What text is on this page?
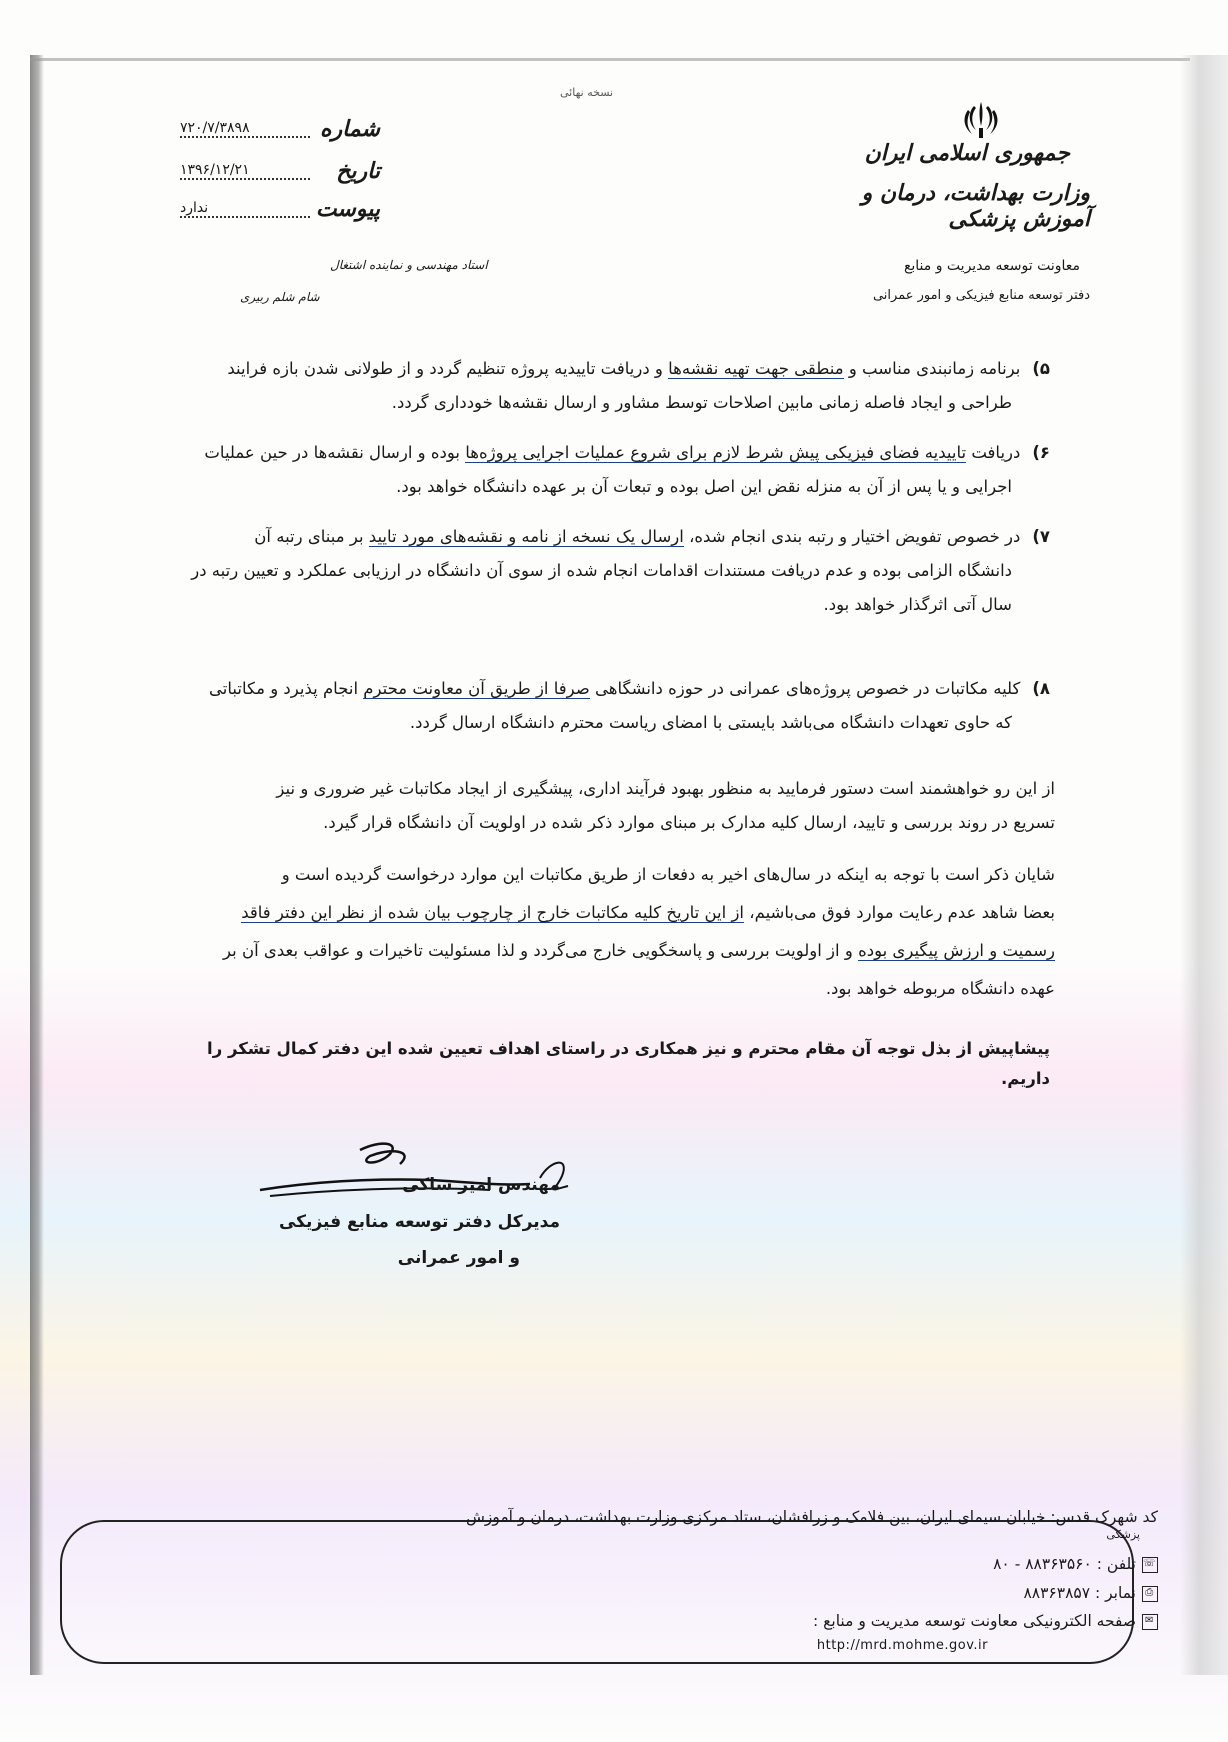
نسخه نهائی
جمهوری اسلامی ایران
وزارت بهداشت، درمان و آموزش پزشکی
معاونت توسعه مدیریت و منابع
دفتر توسعه منابع فیزیکی و امور عمرانی
شماره
۷۲۰/۷/۳۸۹۸
تاریخ
۱۳۹۶/۱۲/۲۱
پیوست
ندارد
استاد مهندسی و نماینده اشتغال
شام شلم ربیری
۵)برنامه زمانبندی مناسب و منطقی جهت تهیه نقشه‌ها و دریافت تاییدیه پروژه تنظیم گردد و از طولانی شدن بازه فرایند
طراحی و ایجاد فاصله زمانی مابین اصلاحات توسط مشاور و ارسال نقشه‌ها خودداری گردد.
۶)دریافت تاییدیه فضای فیزیکی پیش شرط لازم برای شروع عملیات اجرایی پروژه‌ها بوده و ارسال نقشه‌ها در حین عملیات
اجرایی و یا پس از آن به منزله نقض این اصل بوده و تبعات آن بر عهده دانشگاه خواهد بود.
۷)در خصوص تفویض اختیار و رتبه بندی انجام شده، ارسال یک نسخه از نامه و نقشه‌های مورد تایید بر مبنای رتبه آن
دانشگاه الزامی بوده و عدم دریافت مستندات اقدامات انجام شده از سوی آن دانشگاه در ارزیابی عملکرد و تعیین رتبه در
سال آتی اثرگذار خواهد بود.
۸)کلیه مکاتبات در خصوص پروژه‌های عمرانی در حوزه دانشگاهی صرفا از طریق آن معاونت محترم انجام پذیرد و مکاتباتی
که حاوی تعهدات دانشگاه می‌باشد بایستی با امضای ریاست محترم دانشگاه ارسال گردد.
از این رو خواهشمند است دستور فرمایید به منظور بهبود فرآیند اداری، پیشگیری از ایجاد مکاتبات غیر ضروری و نیز
تسریع در روند بررسی و تایید، ارسال کلیه مدارک بر مبنای موارد ذکر شده در اولویت آن دانشگاه قرار گیرد.
شایان ذکر است با توجه به اینکه در سال‌های اخیر به دفعات از طریق مکاتبات این موارد درخواست گردیده است و
بعضا شاهد عدم رعایت موارد فوق می‌باشیم، از این تاریخ کلیه مکاتبات خارج از چارچوب بیان شده از نظر این دفتر فاقد
رسمیت و ارزش پیگیری بوده و از اولویت بررسی و پاسخگویی خارج می‌گردد و لذا مسئولیت تاخیرات و عواقب بعدی آن بر
عهده دانشگاه مربوطه خواهد بود.
پیشاپیش از بذل توجه آن مقام محترم و نیز همکاری در راستای اهداف تعیین شده این دفتر کمال تشکر را داریم.
مهندس امیر ساکی
مدیرکل دفتر توسعه منابع فیزیکی
و امور عمرانی
کد شهرک قدس: خیابان سیمای ایران، بین فلامک و زرافشان، ستاد مرکزی وزارت بهداشت، درمان و آموزش
پزشکی
☏تلفن : ۸۸۳۶۳۵۶۰ - ۸۰
⎙نمابر : ۸۸۳۶۳۸۵۷
✉صفحه الکترونیکی معاونت توسعه مدیریت و منابع :
http://mrd.mohme.gov.ir
